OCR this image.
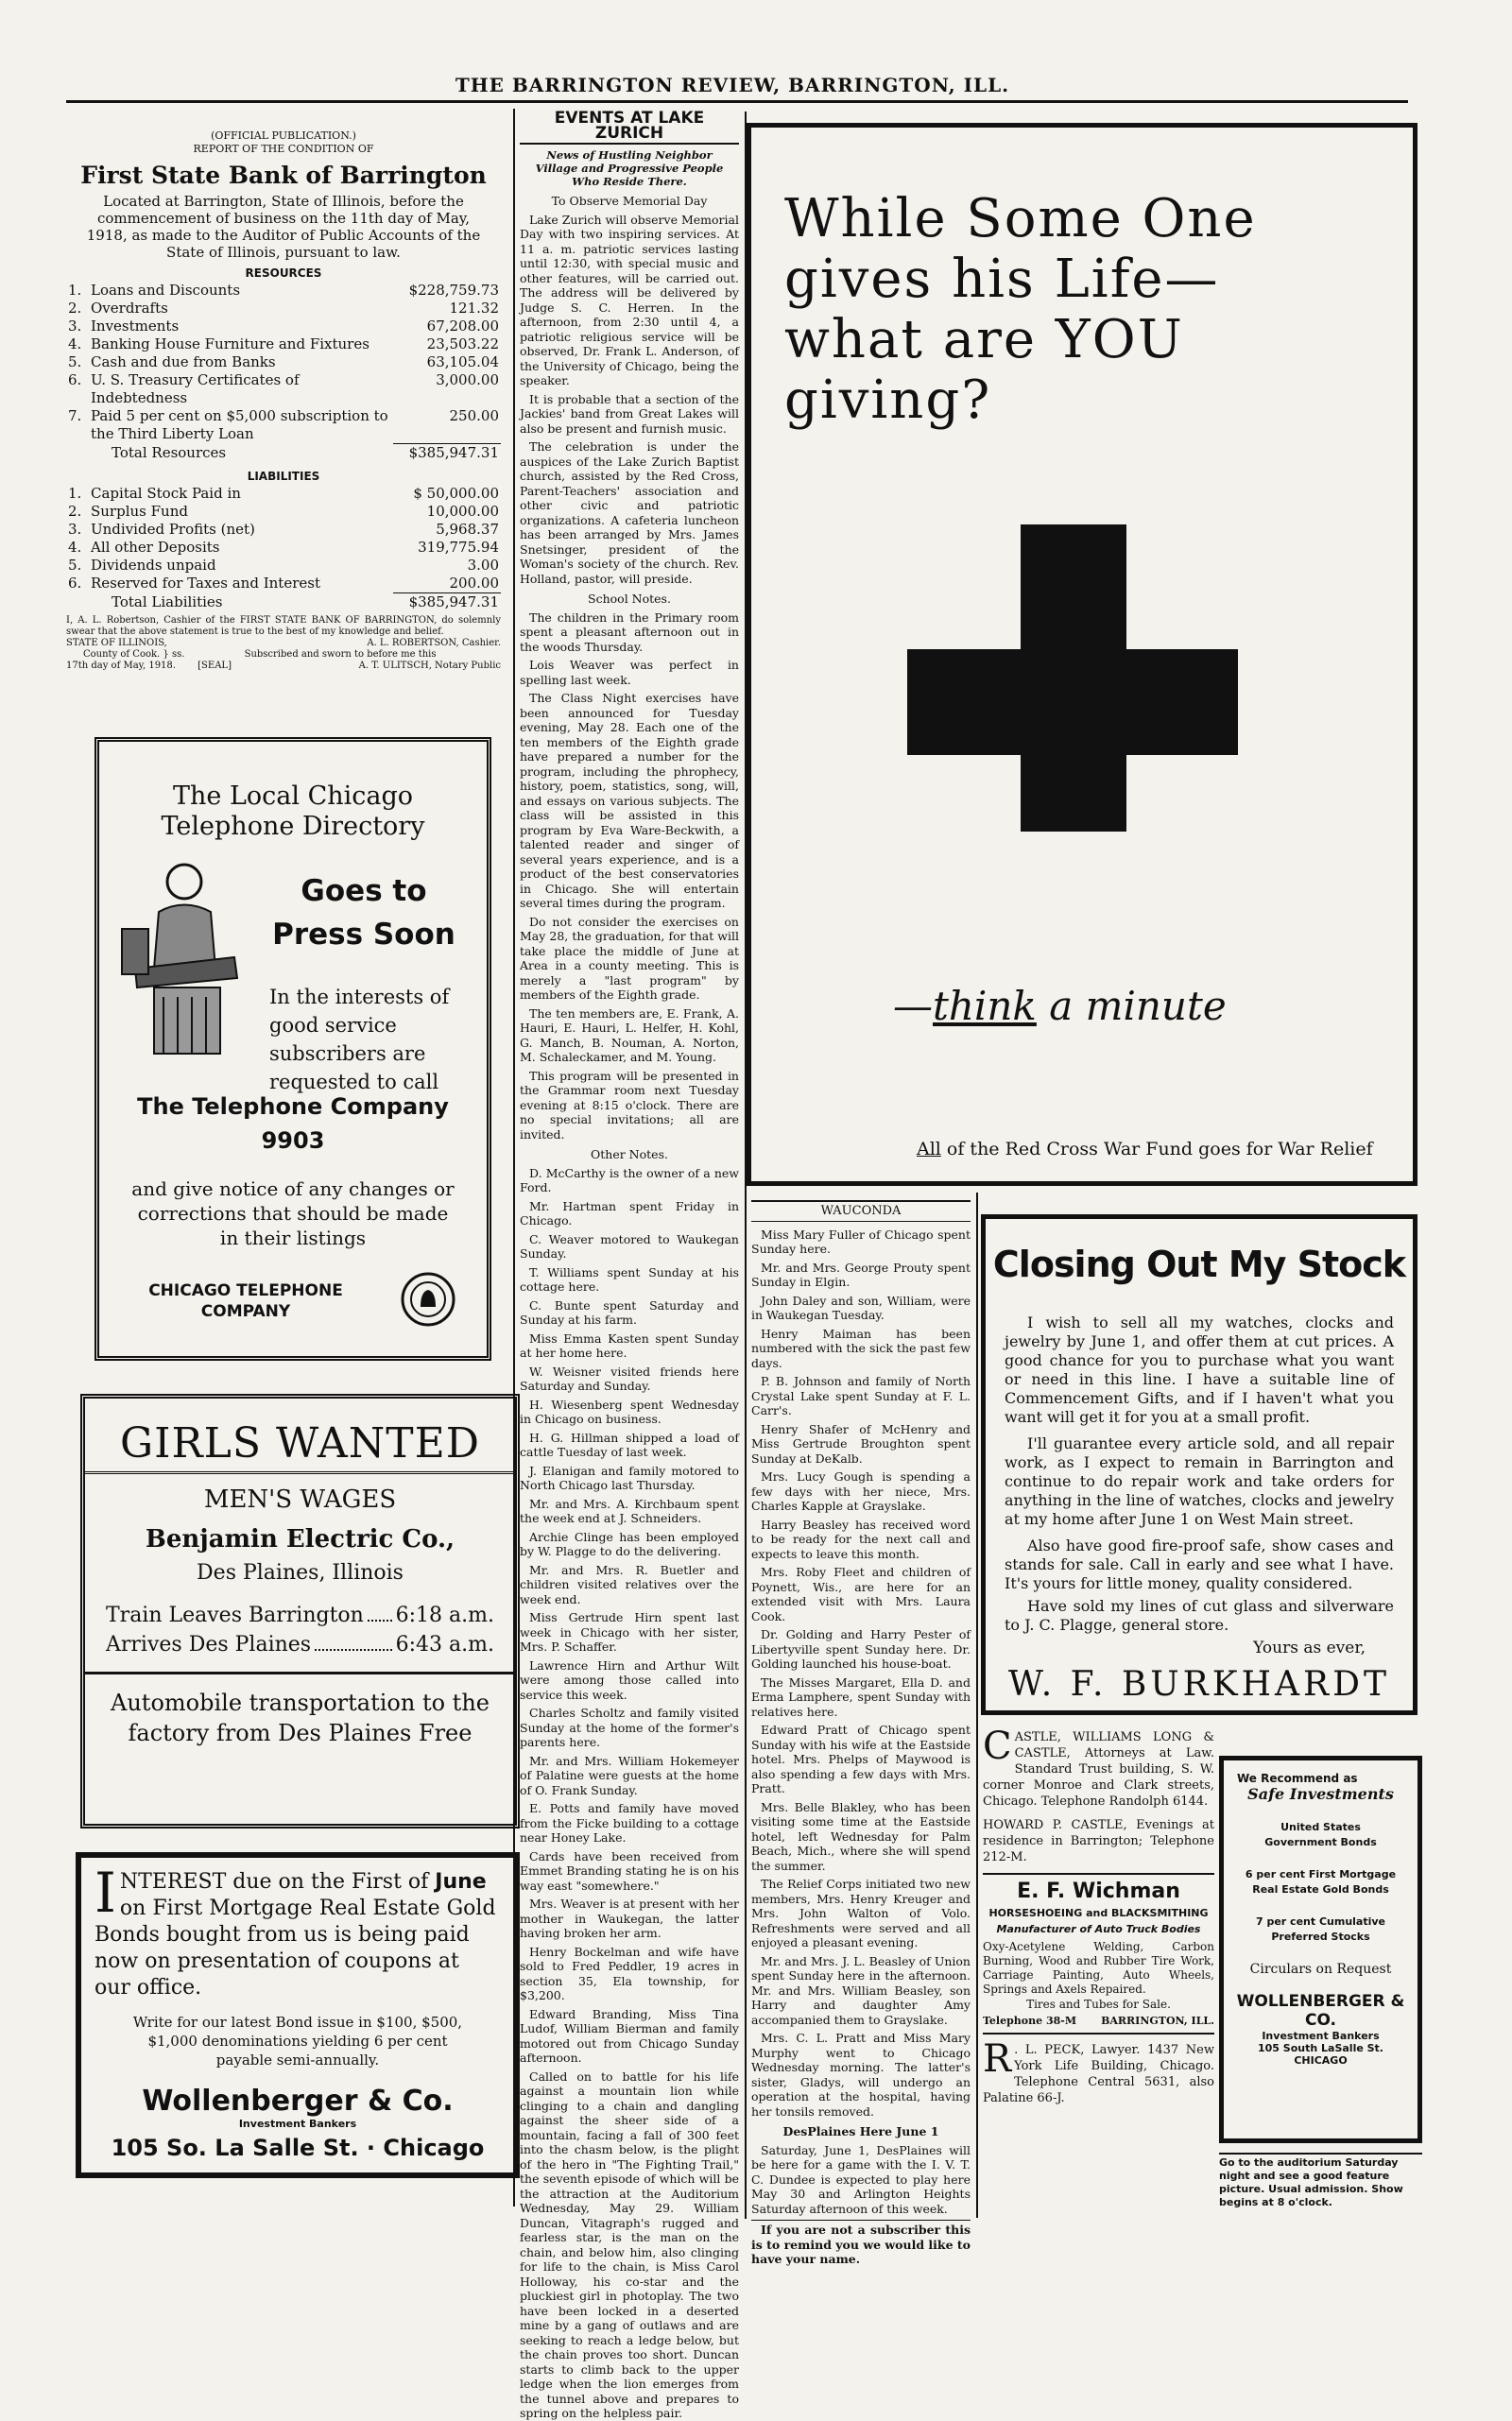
THE BARRINGTON REVIEW, BARRINGTON, ILL.
(OFFICIAL PUBLICATION.)
REPORT OF THE CONDITION OF
First State Bank of Barrington
Located at Barrington, State of Illinois, before the commencement of business on the 11th day of May, 1918, as made to the Auditor of Public Accounts of the State of Illinois, pursuant to law.
RESOURCES
1.	Loans and Discounts	$228,759.73
2.	Overdrafts	121.32
3.	Investments	67,208.00
4.	Banking House Furniture and Fixtures	23,503.22
5.	Cash and due from Banks	63,105.04
6.	U. S. Treasury Certificates of Indebtedness	3,000.00
7.	Paid 5 per cent on $5,000 subscription to the Third Liberty Loan	250.00
	Total Resources	$385,947.31
LIABILITIES
1.	Capital Stock Paid in	$ 50,000.00
2.	Surplus Fund	10,000.00
3.	Undivided Profits (net)	5,968.37
4.	All other Deposits	319,775.94
5.	Dividends unpaid	3.00
6.	Reserved for Taxes and Interest	200.00
	Total Liabilities	$385,947.31
I, A. L. Robertson, Cashier of the FIRST STATE BANK OF BARRINGTON, do solemnly swear that the above statement is true to the best of my knowledge and belief.
A. L. ROBERTSON, Cashier.
STATE OF ILLINOIS,
County of Cook. } ss.	Subscribed and sworn to before me this
17th day of May, 1918. [SEAL]	A. T. ULITSCH, Notary Public
The Local Chicago
Telephone Directory
Goes to
Press Soon
In the interests of good service subscribers are requested to call
The Telephone Company
9903
and give notice of any changes or corrections that should be made in their listings
CHICAGO TELEPHONE
COMPANY
GIRLS WANTED
MEN'S WAGES
Benjamin Electric Co.,
Des Plaines, Illinois
Train Leaves Barrington 6:18 a.m.
Arrives Des Plaines	6:43 a.m.
Automobile transportation to the factory from Des Plaines Free
I NTEREST due on the First of June on First Mortgage Real Estate Gold Bonds bought from us is being paid now on presentation of coupons at our office.
Write for our latest Bond issue in $100, $500, $1,000 denominations yielding 6 per cent payable semi-annually.
Wollenberger & Co.
Investment Bankers
105 So. La Salle St. · Chicago
EVENTS AT LAKE ZURICH
News of Hustling Neighbor Village and Progressive People Who Reside There.
To Observe Memorial Day

Lake Zurich will observe Memorial Day with two inspiring services. At 11 a. m. patriotic services lasting until 12:30, with special music and other features, will be carried out. The address will be delivered by Judge S. C. Herren. In the afternoon, from 2:30 until 4, a patriotic religious service will be observed, Dr. Frank L. Anderson, of the University of Chicago, being the speaker.

It is probable that a section of the Jackies' band from Great Lakes will also be present and furnish music.

The celebration is under the auspices of the Lake Zurich Baptist church, assisted by the Red Cross, Parent-Teachers' association and other civic and patriotic organizations. A cafeteria luncheon has been arranged by Mrs. James Snetsinger, president of the Woman's society of the church. Rev. Holland, pastor, will preside.

School Notes.

The children in the Primary room spent a pleasant afternoon out in the woods Thursday.

Lois Weaver was perfect in spelling last week.

The Class Night exercises have been announced for Tuesday evening, May 28. Each one of the ten members of the Eighth grade have prepared a number for the program, including the phrophecy, history, poem, statistics, song, will, and essays on various subjects. The class will be assisted in this program by Eva Ware-Beckwith, a talented reader and singer of several years experience, and is a product of the best conservatories in Chicago. She will entertain several times during the program.

Do not consider the exercises on May 28, the graduation, for that will take place the middle of June at Area in a county meeting. This is merely a "last program" by members of the Eighth grade.

The ten members are, E. Frank, A. Hauri, E. Hauri, L. Helfer, H. Kohl, G. Manch, B. Nouman, A. Norton, M. Schaleckamer, and M. Young.

This program will be presented in the Grammar room next Tuesday evening at 8:15 o'clock. There are no special invitations; all are invited.

Other Notes.

D. McCarthy is the owner of a new Ford.

Mr. Hartman spent Friday in Chicago.

C. Weaver motored to Waukegan Sunday.

T. Williams spent Sunday at his cottage here.

C. Bunte spent Saturday and Sunday at his farm.

Miss Emma Kasten spent Sunday at her home here.

W. Weisner visited friends here Saturday and Sunday.

H. Wiesenberg spent Wednesday in Chicago on business.

H. G. Hillman shipped a load of cattle Tuesday of last week.

J. Elanigan and family motored to North Chicago last Thursday.

Mr. and Mrs. A. Kirchbaum spent the week end at J. Schneiders.

Archie Clinge has been employed by W. Plagge to do the delivering.

Mr. and Mrs. R. Buetler and children visited relatives over the week end.

Miss Gertrude Hirn spent last week in Chicago with her sister, Mrs. P. Schaffer.

Lawrence Hirn and Arthur Wilt were among those called into service this week.

Charles Scholtz and family visited Sunday at the home of the former's parents here.

Mr. and Mrs. William Hokemeyer of Palatine were guests at the home of O. Frank Sunday.

E. Potts and family have moved from the Ficke building to a cottage near Honey Lake.

Cards have been received from Emmet Branding stating he is on his way east "somewhere."

Mrs. Weaver is at present with her mother in Waukegan, the latter having broken her arm.

Henry Bockelman and wife have sold to Fred Peddler, 19 acres in section 35, Ela township, for $3,200.

Edward Branding, Miss Tina Ludof, William Bierman and family motored out from Chicago Sunday afternoon.

Called on to battle for his life against a mountain lion while clinging to a chain and dangling against the sheer side of a mountain, facing a fall of 300 feet into the chasm below, is the plight of the hero in "The Fighting Trail," the seventh episode of which will be the attraction at the Auditorium Wednesday, May 29. William Duncan, Vitagraph's rugged and fearless star, is the man on the chain, and below him, also clinging for life to the chain, is Miss Carol Holloway, his co-star and the pluckiest girl in photoplay. The two have been locked in a deserted mine by a gang of outlaws and are seeking to reach a ledge below, but the chain proves too short. Duncan starts to climb back to the upper ledge when the lion emerges from the tunnel above and prepares to spring on the helpless pair.

While Some One
gives his Life—
what are YOU
giving?
—think a minute
All of the Red Cross War Fund goes for War Relief
WAUCONDA

Miss Mary Fuller of Chicago spent Sunday here.

Mr. and Mrs. George Prouty spent Sunday in Elgin.

John Daley and son, William, were in Waukegan Tuesday.

Henry Maiman has been numbered with the sick the past few days.

P. B. Johnson and family of North Crystal Lake spent Sunday at F. L. Carr's.

Henry Shafer of McHenry and Miss Gertrude Broughton spent Sunday at DeKalb.

Mrs. Lucy Gough is spending a few days with her niece, Mrs. Charles Kapple at Grayslake.

Harry Beasley has received word to be ready for the next call and expects to leave this month.

Mrs. Roby Fleet and children of Poynett, Wis., are here for an extended visit with Mrs. Laura Cook.

Dr. Golding and Harry Pester of Libertyville spent Sunday here. Dr. Golding launched his house-boat.

The Misses Margaret, Ella D. and Erma Lamphere, spent Sunday with relatives here.

Edward Pratt of Chicago spent Sunday with his wife at the Eastside hotel. Mrs. Phelps of Maywood is also spending a few days with Mrs. Pratt.

Mrs. Belle Blakley, who has been visiting some time at the Eastside hotel, left Wednesday for Palm Beach, Mich., where she will spend the summer.

The Relief Corps initiated two new members, Mrs. Henry Kreuger and Mrs. John Walton of Volo. Refreshments were served and all enjoyed a pleasant evening.

Mr. and Mrs. J. L. Beasley of Union spent Sunday here in the afternoon. Mr. and Mrs. William Beasley, son Harry and daughter Amy accompanied them to Grayslake.

Mrs. C. L. Pratt and Miss Mary Murphy went to Chicago Wednesday morning. The latter's sister, Gladys, will undergo an operation at the hospital, having her tonsils removed.

DesPlaines Here June 1

Saturday, June 1, DesPlaines will be here for a game with the I. V. T. C. Dundee is expected to play here May 30 and Arlington Heights Saturday afternoon of this week.

If you are not a subscriber this is to remind you we would like to have your name.

Closing Out My Stock

I wish to sell all my watches, clocks and jewelry by June 1, and offer them at cut prices. A good chance for you to purchase what you want or need in this line. I have a suitable line of Commencement Gifts, and if I haven't what you want will get it for you at a small profit.

I'll guarantee every article sold, and all repair work, as I expect to remain in Barrington and continue to do repair work and take orders for anything in the line of watches, clocks and jewelry at my home after June 1 on West Main street.

Also have good fire-proof safe, show cases and stands for sale. Call in early and see what I have. It's yours for little money, quality considered.

Have sold my lines of cut glass and silverware to J. C. Plagge, general store.

Yours as ever,
W. F. BURKHARDT
C ASTLE, WILLIAMS LONG & CASTLE, Attorneys at Law. Standard Trust building, S. W. corner Monroe and Clark streets, Chicago. Telephone Randolph 6144.
HOWARD P. CASTLE, Evenings at residence in Barrington; Telephone 212-M.
E. F. Wichman
HORSESHOEING and BLACKSMITHING
Manufacturer of Auto Truck Bodies
Oxy-Acetylene Welding, Carbon Burning, Wood and Rubber Tire Work, Carriage Painting, Auto Wheels, Springs and Axels Repaired.
Tires and Tubes for Sale.
Telephone 38-M BARRINGTON, ILL.
R . L. PECK, Lawyer. 1437 New York Life Building, Chicago. Telephone Central 5631, also Palatine 66-J.
We Recommend as
Safe Investments
United States Government Bonds
6 per cent First Mortgage Real Estate Gold Bonds
7 per cent Cumulative Preferred Stocks
Circulars on Request
WOLLENBERGER & CO.
Investment Bankers
105 South LaSalle St.
CHICAGO
Go to the auditorium Saturday night and see a good feature picture. Usual admission. Show begins at 8 o'clock.
